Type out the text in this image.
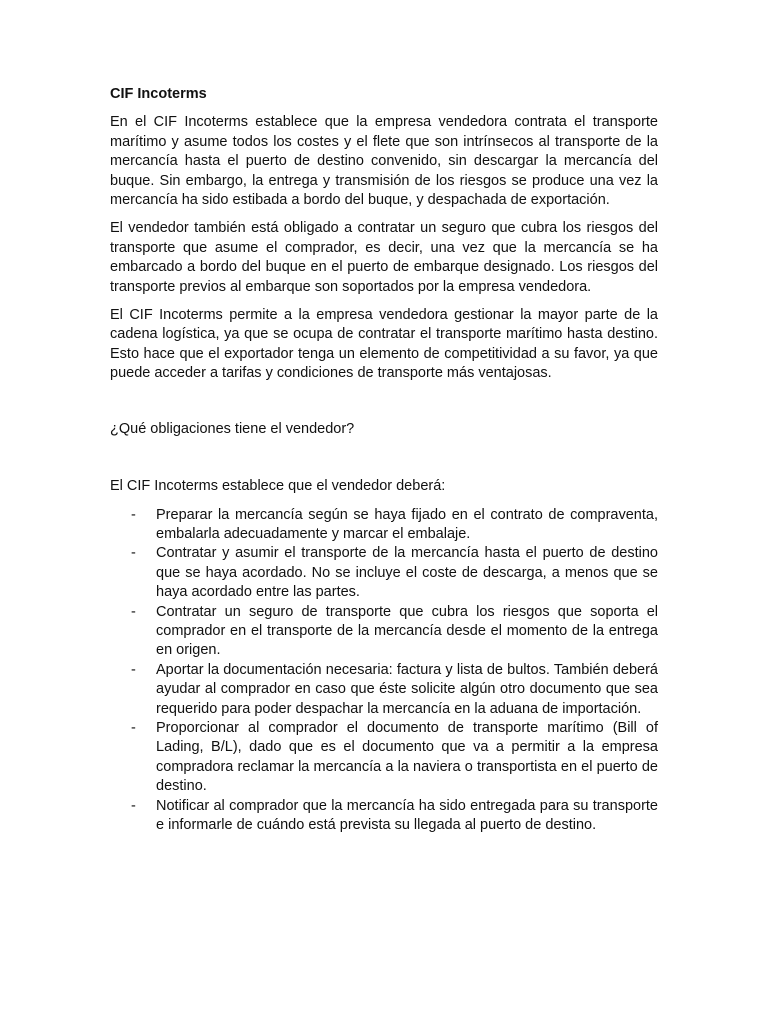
CIF Incoterms

En el CIF Incoterms establece que la empresa vendedora contrata el transporte marítimo y asume todos los costes y el flete que son intrínsecos al transporte de la mercancía hasta el puerto de destino convenido, sin descargar la mercancía del buque. Sin embargo, la entrega y transmisión de los riesgos se produce una vez la mercancía ha sido estibada a bordo del buque, y despachada de exportación.

El vendedor también está obligado a contratar un seguro que cubra los riesgos del transporte que asume el comprador, es decir, una vez que la mercancía se ha embarcado a bordo del buque en el puerto de embarque designado. Los riesgos del transporte previos al embarque son soportados por la empresa vendedora.

El CIF Incoterms permite a la empresa vendedora gestionar la mayor parte de la cadena logística, ya que se ocupa de contratar el transporte marítimo hasta destino. Esto hace que el exportador tenga un elemento de competitividad a su favor, ya que puede acceder a tarifas y condiciones de transporte más ventajosas.

¿Qué obligaciones tiene el vendedor?

El CIF Incoterms establece que el vendedor deberá:

- Preparar la mercancía según se haya fijado en el contrato de compraventa, embalarla adecuadamente y marcar el embalaje.
- Contratar y asumir el transporte de la mercancía hasta el puerto de destino que se haya acordado. No se incluye el coste de descarga, a menos que se haya acordado entre las partes.
- Contratar un seguro de transporte que cubra los riesgos que soporta el comprador en el transporte de la mercancía desde el momento de la entrega en origen.
- Aportar la documentación necesaria: factura y lista de bultos. También deberá ayudar al comprador en caso que éste solicite algún otro documento que sea requerido para poder despachar la mercancía en la aduana de importación.
- Proporcionar al comprador el documento de transporte marítimo (Bill of Lading, B/L), dado que es el documento que va a permitir a la empresa compradora reclamar la mercancía a la naviera o transportista en el puerto de destino.
- Notificar al comprador que la mercancía ha sido entregada para su transporte e informarle de cuándo está prevista su llegada al puerto de destino.
